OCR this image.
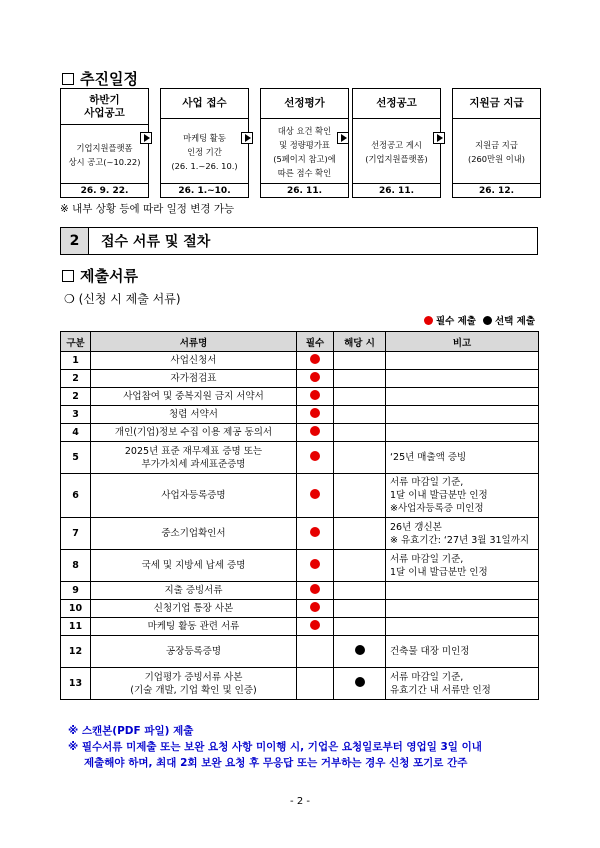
추진일정
하반기
사업공고
기업지원플랫폼
상시 공고(~10.22)
26. 9. 22.
사업 접수
마케팅 활동
인정 기간
(26. 1.~26. 10.)
26. 1.~10.
선정평가
대상 요건 확인
및 정량평가표
(5페이지 참고)에
따른 점수 확인
26. 11.
선정공고
선정공고 게시
(기업지원플랫폼)
26. 11.
지원금 지급
지원금 지급
(260만원 이내)
26. 12.
※ 내부 상황 등에 따라 일정 변경 가능
2	접수 서류 및 절차
제출서류
❍ (신청 시 제출 서류)
필수 제출 선택 제출
구분	서류명	필수	해당 시	비고
1	사업신청서			
2	자가점검표			
2	사업참여 및 중복지원 금지 서약서			
3	청렴 서약서			
4	개인(기업)정보 수집 이용 제공 동의서			
5	2025년 표준 재무제표 증명 또는
부가가치세 과세표준증명			‘25년 매출액 증빙
6	사업자등록증명			서류 마감일 기준,
1달 이내 발급분만 인정
※사업자등록증 미인정
7	중소기업확인서			26년 갱신본
※ 유효기간: ‘27년 3월 31일까지
8	국세 및 지방세 납세 증명			서류 마감일 기준,
1달 이내 발급분만 인정
9	지출 증빙서류			
10	신청기업 통장 사본			
11	마케팅 활동 관련 서류			
12	공장등록증명			건축물 대장 미인정
13	기업평가 증빙서류 사본
(기술 개발, 기업 확인 및 인증)			서류 마감일 기준,
유효기간 내 서류만 인정
※ 스캔본(PDF 파일) 제출
※ 필수서류 미제출 또는 보완 요청 사항 미이행 시, 기업은 요청일로부터 영업일 3일 이내
제출해야 하며, 최대 2회 보완 요청 후 무응답 또는 거부하는 경우 신청 포기로 간주
- 2 -
